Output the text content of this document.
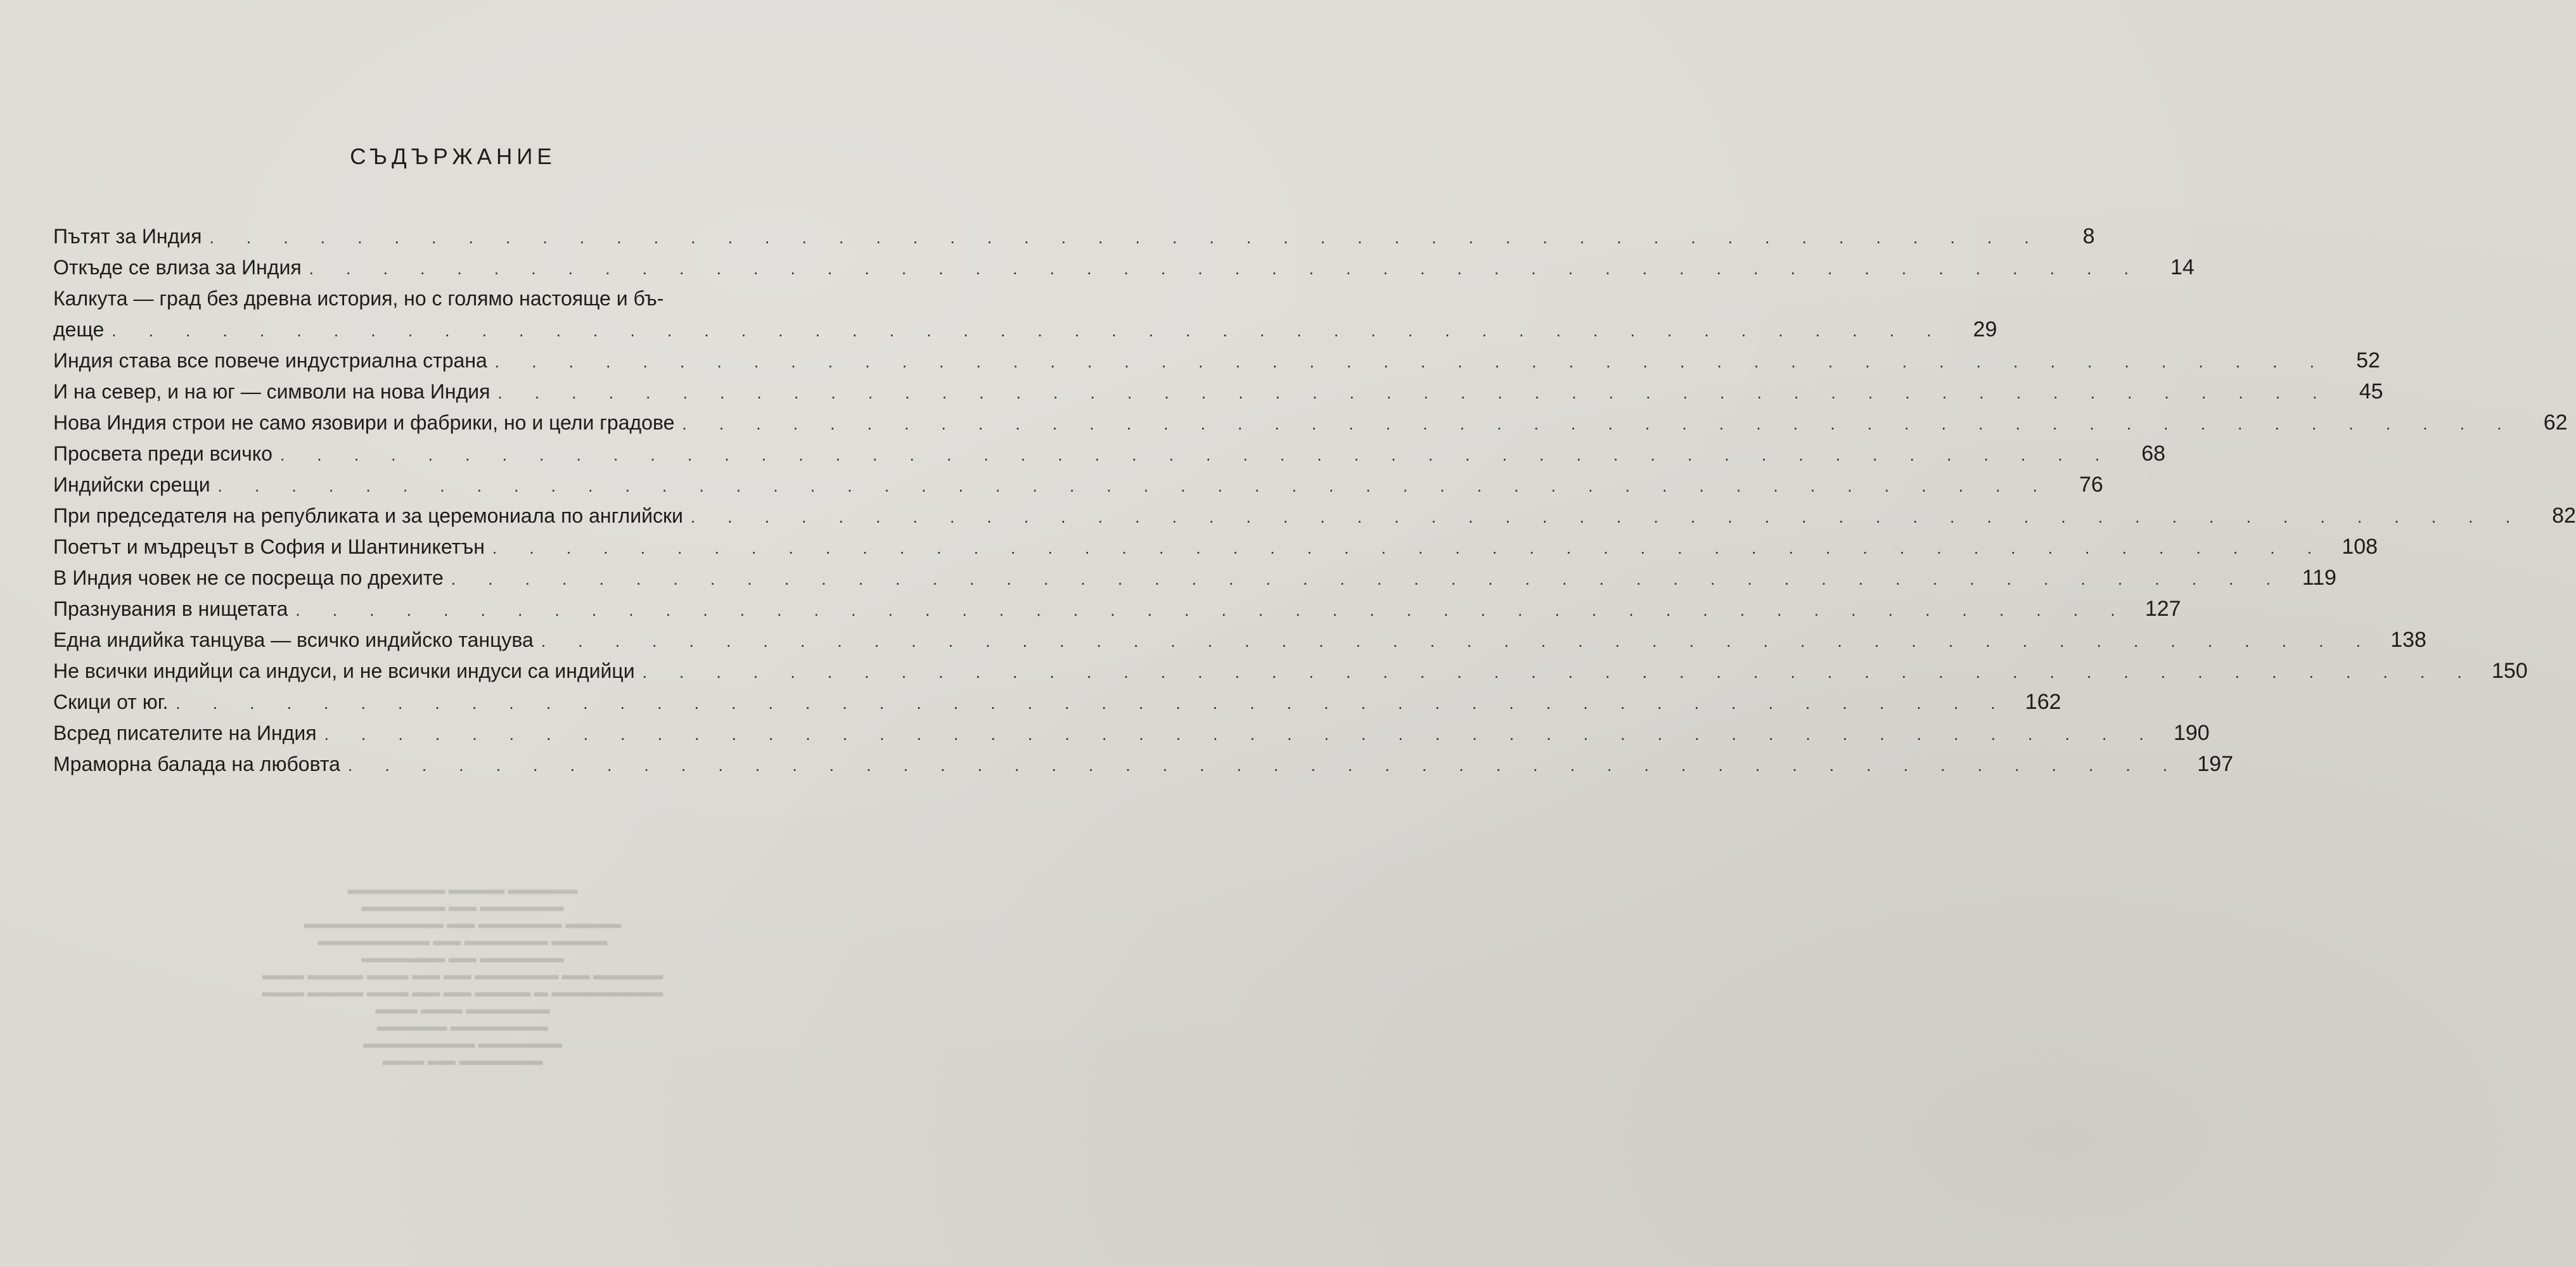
СЪДЪРЖАНИЕ
Пътят за Индия . . . . . . . . . . . . . . . . . . . . . . . . . . . . . . . . . . . . . . . . . . . . . . . . . .	8
Откъде се влиза за Индия . . . . . . . . . . . . . . . . . . . . . . . . . . . . . . . . . . . . . . . . . . . . . . . . . .	14
Калкута — град без древна история, но с голямо настояще и бъ-
деще . . . . . . . . . . . . . . . . . . . . . . . . . . . . . . . . . . . . . . . . . . . . . . . . . .	29
Индия става все повече индустриална страна . . . . . . . . . . . . . . . . . . . . . . . . . . . . . . . . . . . . . . . . . . . . . . . . . .	52
И на север, и на юг — символи на нова Индия . . . . . . . . . . . . . . . . . . . . . . . . . . . . . . . . . . . . . . . . . . . . . . . . . .	45
Нова Индия строи не само язовири и фабрики, но и цели градове . . . . . . . . . . . . . . . . . . . . . . . . . . . . . . . . . . . . . . . . . . . . . . . . . .	62
Просвета преди всичко . . . . . . . . . . . . . . . . . . . . . . . . . . . . . . . . . . . . . . . . . . . . . . . . . .	68
Индийски срещи . . . . . . . . . . . . . . . . . . . . . . . . . . . . . . . . . . . . . . . . . . . . . . . . . .	76
При председателя на републиката и за церемониала по английски . . . . . . . . . . . . . . . . . . . . . . . . . . . . . . . . . . . . . . . . . . . . . . . . . .	82
Поетът и мъдрецът в София и Шантиникетън . . . . . . . . . . . . . . . . . . . . . . . . . . . . . . . . . . . . . . . . . . . . . . . . . . 108
В Индия човек не се посреща по дрехите . . . . . . . . . . . . . . . . . . . . . . . . . . . . . . . . . . . . . . . . . . . . . . . . . . 119
Празнувания в нищетата . . . . . . . . . . . . . . . . . . . . . . . . . . . . . . . . . . . . . . . . . . . . . . . . . . 127
Една индийка танцува — всичко индийско танцува . . . . . . . . . . . . . . . . . . . . . . . . . . . . . . . . . . . . . . . . . . . . . . . . . . 138
Не всички индийци са индуси, и не всички индуси са индийци . . . . . . . . . . . . . . . . . . . . . . . . . . . . . . . . . . . . . . . . . . . . . . . . . . 150
Скици от юг. . . . . . . . . . . . . . . . . . . . . . . . . . . . . . . . . . . . . . . . . . . . . . . . . . . 162
Всред писателите на Индия . . . . . . . . . . . . . . . . . . . . . . . . . . . . . . . . . . . . . . . . . . . . . . . . . . 190
Мраморна балада на любовта . . . . . . . . . . . . . . . . . . . . . . . . . . . . . . . . . . . . . . . . . . . . . . . . . . 197
▬▬▬▬▬ ▬▬▬▬ ▬▬▬▬▬▬▬
▬▬▬▬▬▬ ▬▬ ▬▬▬▬▬▬
▬▬▬▬ ▬▬▬▬▬▬ ▬▬ ▬▬▬▬▬▬▬▬▬▬
▬▬▬▬ ▬▬▬▬▬▬ ▬▬ ▬▬▬▬▬▬▬▬
▬▬▬▬▬▬ ▬▬ ▬▬▬▬▬▬
▬▬▬▬▬ ▬▬ ▬▬▬▬▬▬ ▬▬ ▬▬ ▬▬▬ ▬▬▬▬ ▬▬▬
▬▬▬▬▬▬▬▬ ▬ ▬▬▬▬ ▬▬ ▬▬ ▬▬▬ ▬▬▬▬ ▬▬▬
▬▬▬▬▬▬ ▬▬▬ ▬▬▬
▬▬▬▬▬▬▬ ▬▬▬▬▬
▬▬▬▬▬▬ ▬▬▬▬▬▬▬▬
▬▬▬▬▬▬ ▬▬ ▬▬▬
